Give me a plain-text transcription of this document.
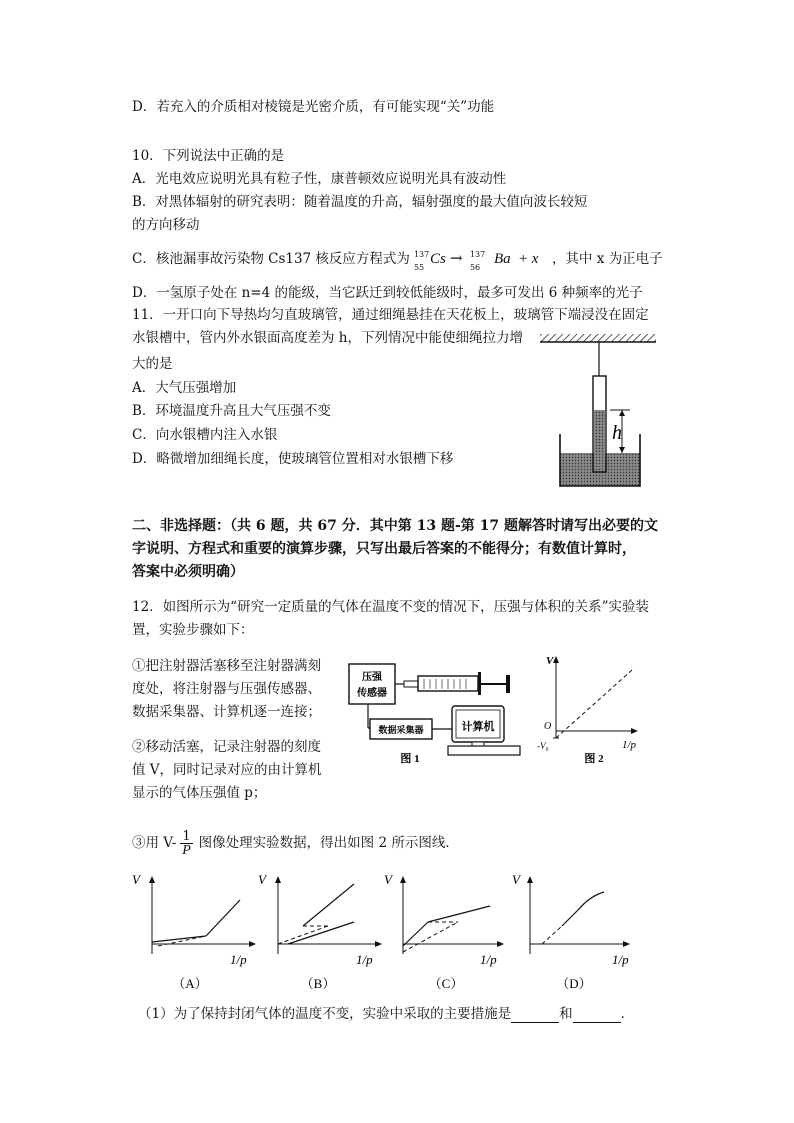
D．若充入的介质相对棱镜是光密介质，有可能实现“关”功能
10．下列说法中正确的是
A．光电效应说明光具有粒子性，康普顿效应说明光具有波动性
B．对黑体辐射的研究表明：随着温度的升高，辐射强度的最大值向波长较短
的方向移动
C．核池漏事故污染物 Cs137 核反应方程式为 137
55
Cs → 137
56
Ba + x ，其中 x 为正电子
D．一氢原子处在 n=4 的能级，当它跃迁到较低能级时，最多可发出 6 种频率的光子
11．一开口向下导热均匀直玻璃管，通过细绳悬挂在天花板上，玻璃管下端浸没在固定
水银槽中，管内外水银面高度差为 h，下列情况中能使细绳拉力增
大的是
A．大气压强增加
B．环境温度升高且大气压强不变
C．向水银槽内注入水银
D．略微增加细绳长度，使玻璃管位置相对水银槽下移
h
二、非选择题：（共 6 题，共 67 分．其中第 13 题-第 17 题解答时请写出必要的文
字说明、方程式和重要的演算步骤，只写出最后答案的不能得分；有数值计算时，
答案中必须明确）
12．如图所示为“研究一定质量的气体在温度不变的情况下，压强与体积的关系”实验装
置，实验步骤如下：
①把注射器活塞移至注射器满刻
度处，将注射器与压强传感器、
数据采集器、计算机逐一连接；
②移动活塞，记录注射器的刻度
值 V，同时记录对应的由计算机
显示的气体压强值 p；
③用 $V- \frac{1}{P}$ 图像处理实验数据，得出如图 2 所示图线．
压强
传感器
数据采集器	计算机
图 1
V
O
-V₀	1/p
图 2
V
1/p
（A）
V
1/p
（B）
V
1/p
（C）
V
1/p
（D）
（1）为了保持封闭气体的温度不变，实验中采取的主要措施是	和	．
